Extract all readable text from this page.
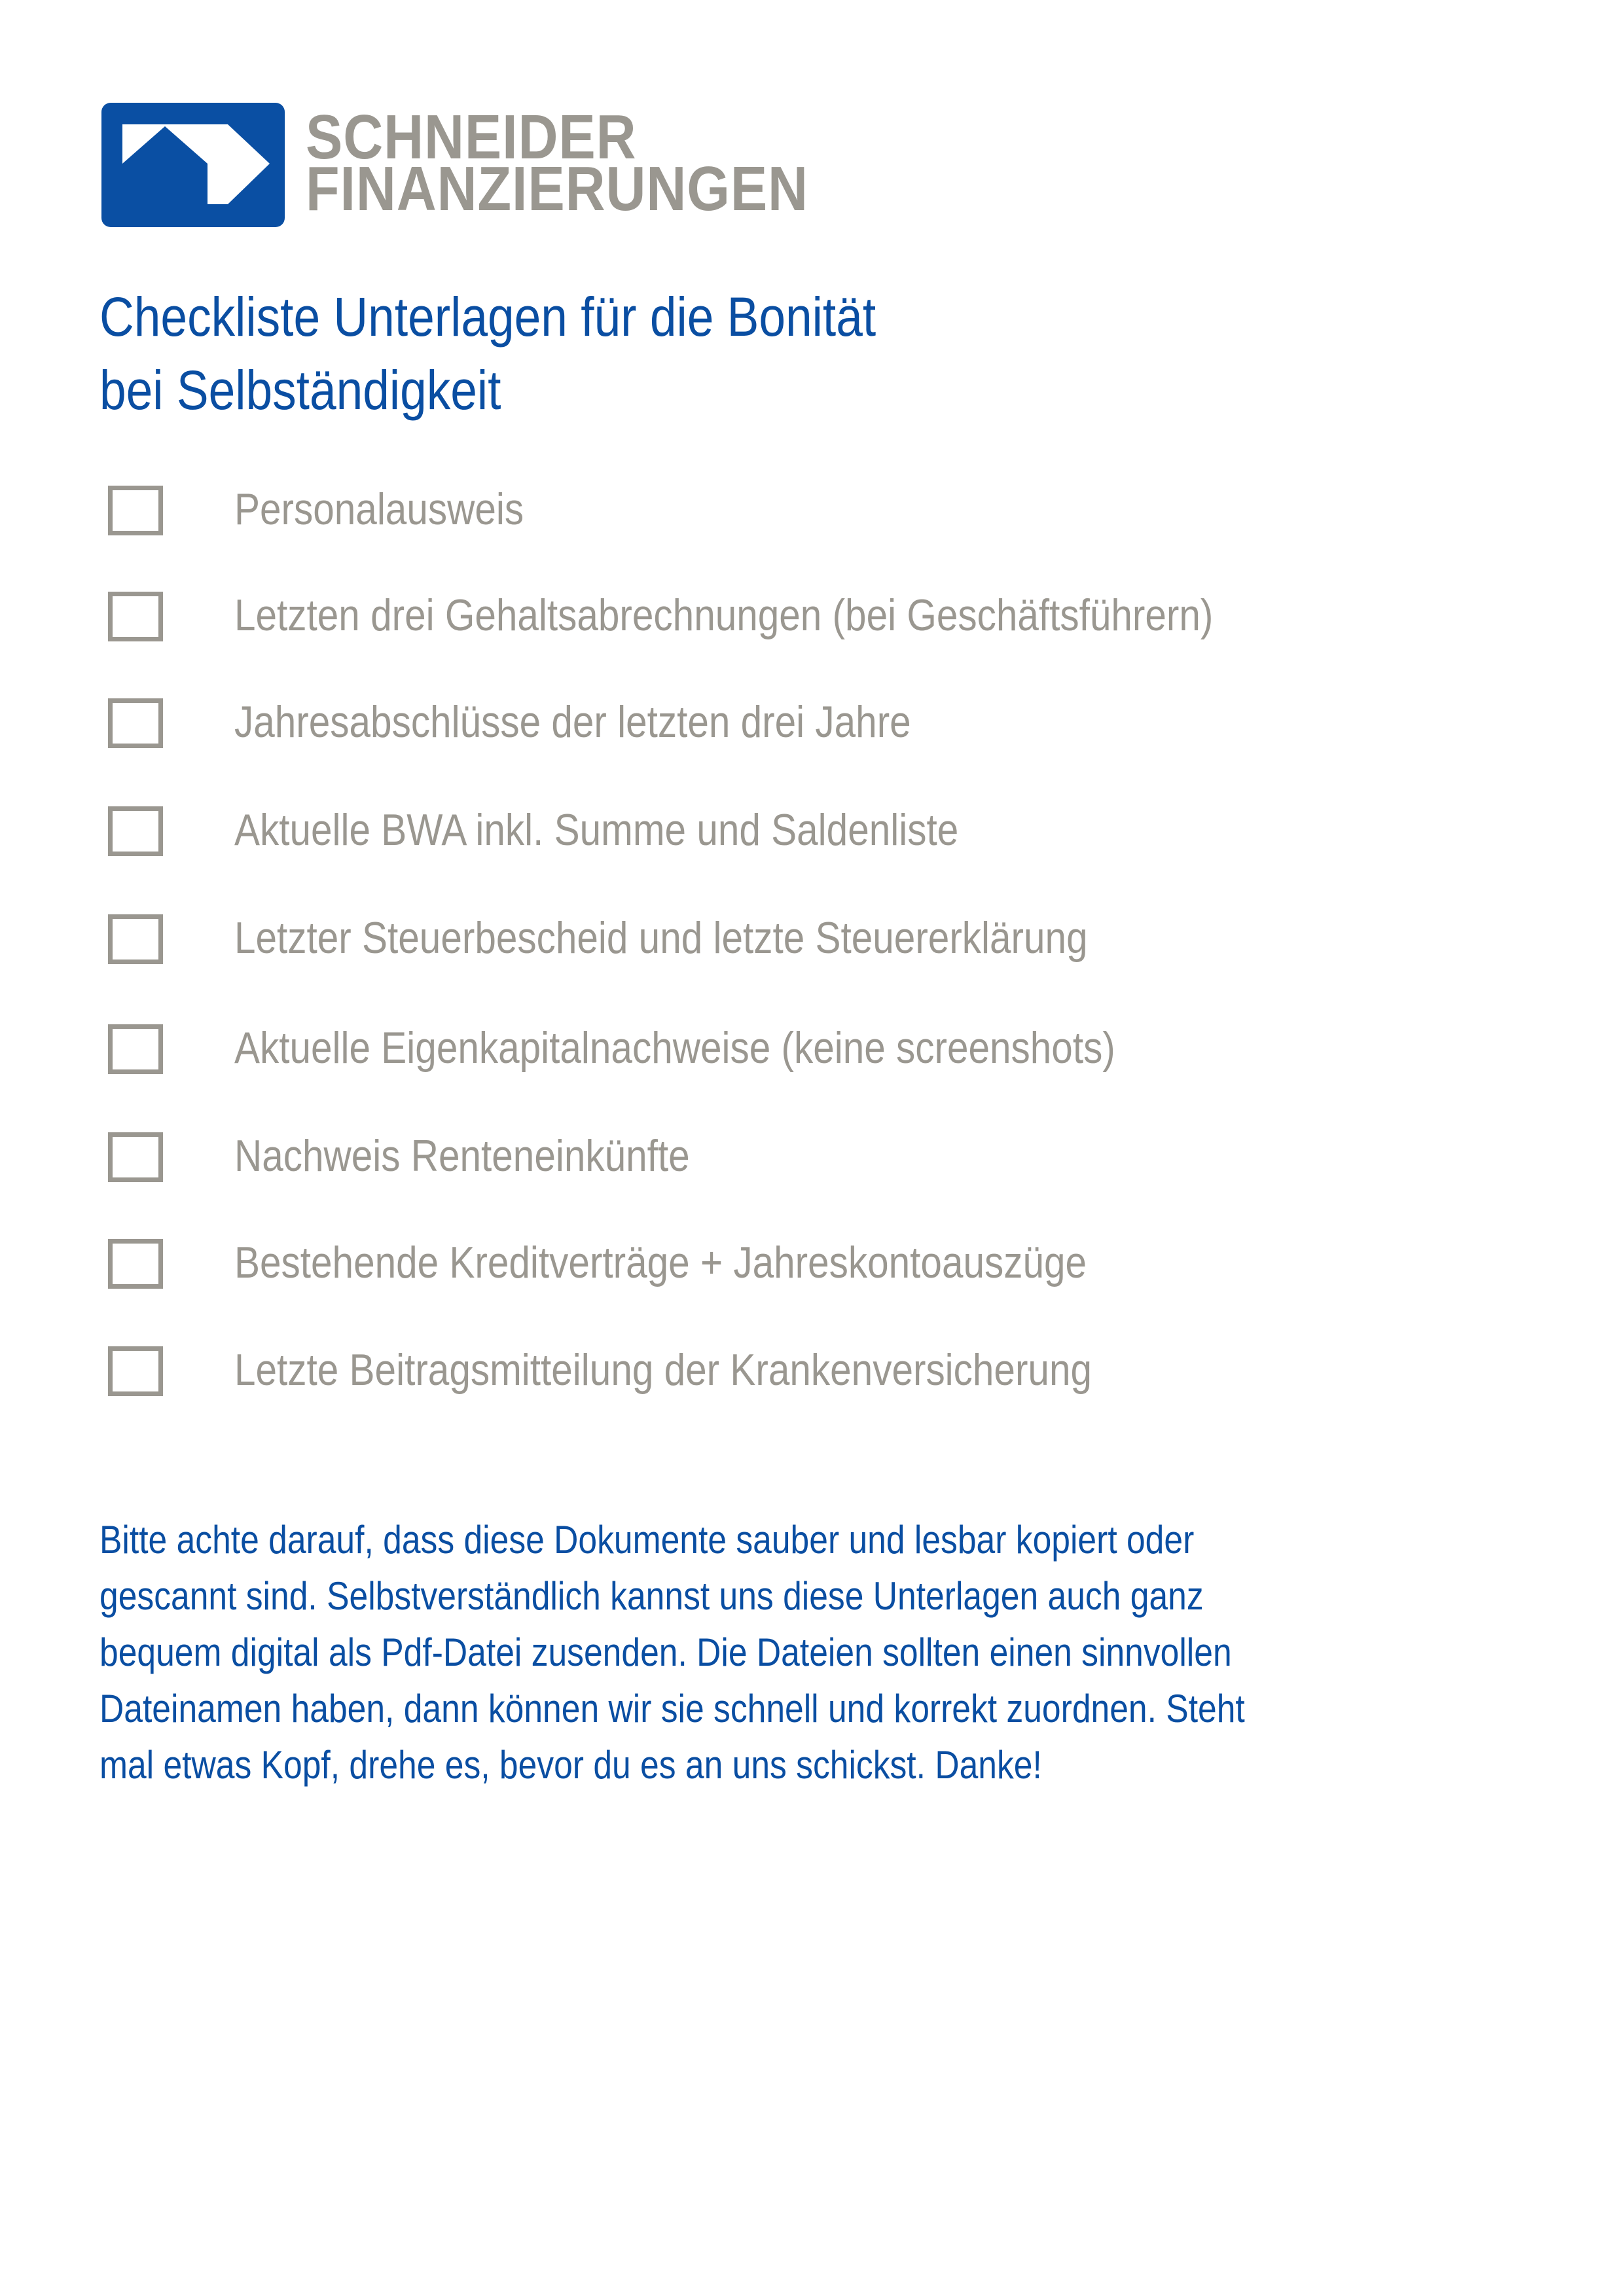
SCHNEIDER
FINANZIERUNGEN
Checkliste Unterlagen für die Bonität
bei Selbständigkeit
Personalausweis
Letzten drei Gehaltsabrechnungen (bei Geschäftsführern)
Jahresabschlüsse der letzten drei Jahre
Aktuelle BWA inkl. Summe und Saldenliste
Letzter Steuerbescheid und letzte Steuererklärung
Aktuelle Eigenkapitalnachweise (keine screenshots)
Nachweis Renteneinkünfte
Bestehende Kreditverträge + Jahreskontoauszüge
Letzte Beitragsmitteilung der Krankenversicherung

Bitte achte darauf, dass diese Dokumente sauber und lesbar kopiert oder
gescannt sind. Selbstverständlich kannst uns diese Unterlagen auch ganz
bequem digital als Pdf-Datei zusenden. Die Dateien sollten einen sinnvollen
Dateinamen haben, dann können wir sie schnell und korrekt zuordnen. Steht
mal etwas Kopf, drehe es, bevor du es an uns schickst. Danke!
